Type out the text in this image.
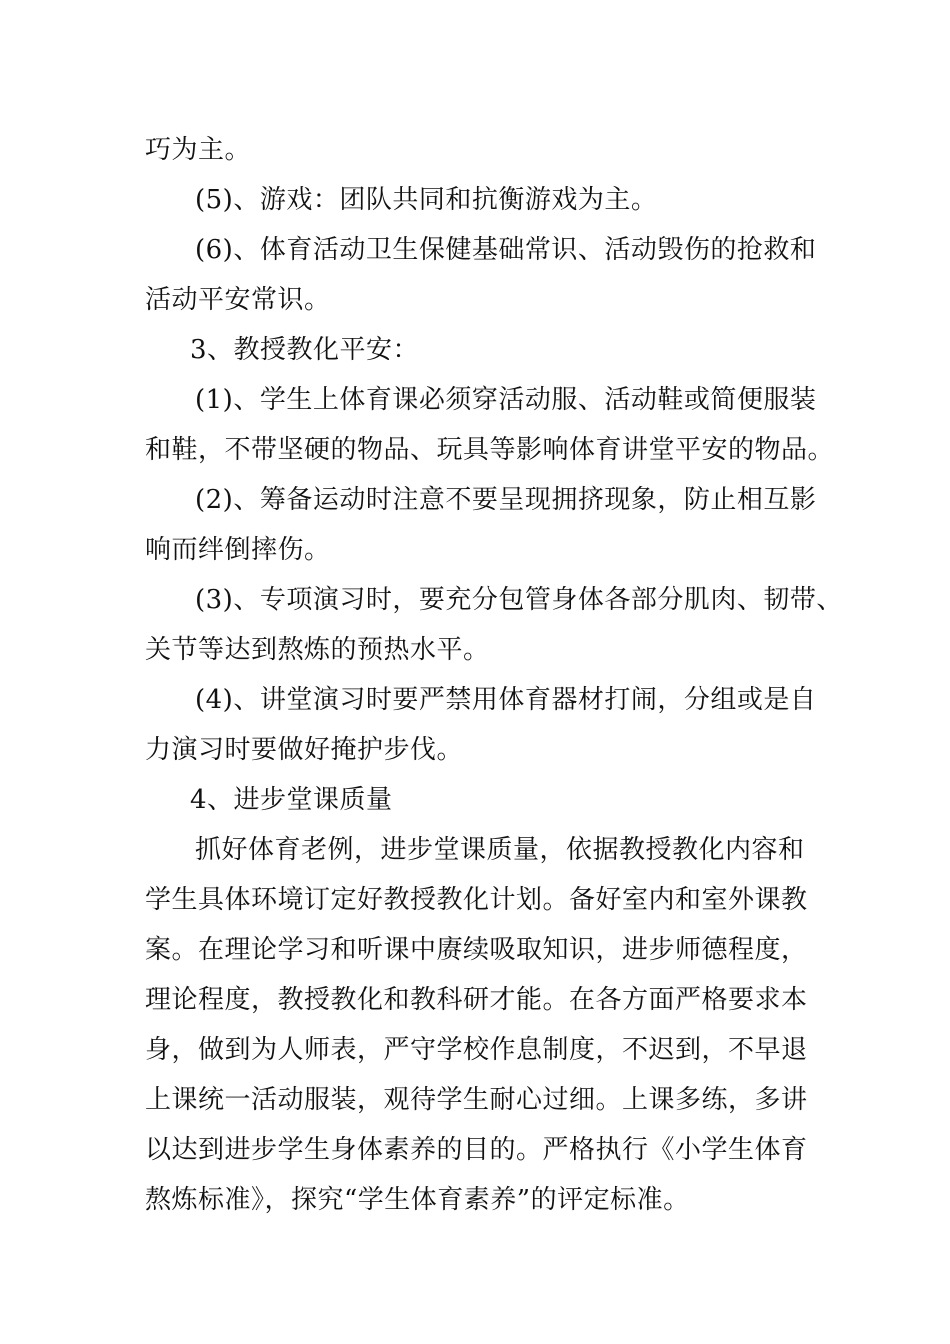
巧为主。
(5)、游戏：团队共同和抗衡游戏为主。
(6)、体育活动卫生保健基础常识、活动毁伤的抢救和
活动平安常识。
3、教授教化平安：
(1)、学生上体育课必须穿活动服、活动鞋或简便服装
和鞋，不带坚硬的物品、玩具等影响体育讲堂平安的物品。
(2)、筹备运动时注意不要呈现拥挤现象，防止相互影
响而绊倒摔伤。
(3)、专项演习时，要充分包管身体各部分肌肉、韧带、
关节等达到熬炼的预热水平。
(4)、讲堂演习时要严禁用体育器材打闹，分组或是自
力演习时要做好掩护步伐。
4、进步堂课质量
抓好体育老例，进步堂课质量，依据教授教化内容和
学生具体环境订定好教授教化计划。备好室内和室外课教
案。在理论学习和听课中赓续吸取知识，进步师德程度，
理论程度，教授教化和教科研才能。在各方面严格要求本
身，做到为人师表，严守学校作息制度，不迟到，不早退
上课统一活动服装，观待学生耐心过细。上课多练，多讲
以达到进步学生身体素养的目的。严格执行《小学生体育
熬炼标准》，探究“学生体育素养”的评定标准。
